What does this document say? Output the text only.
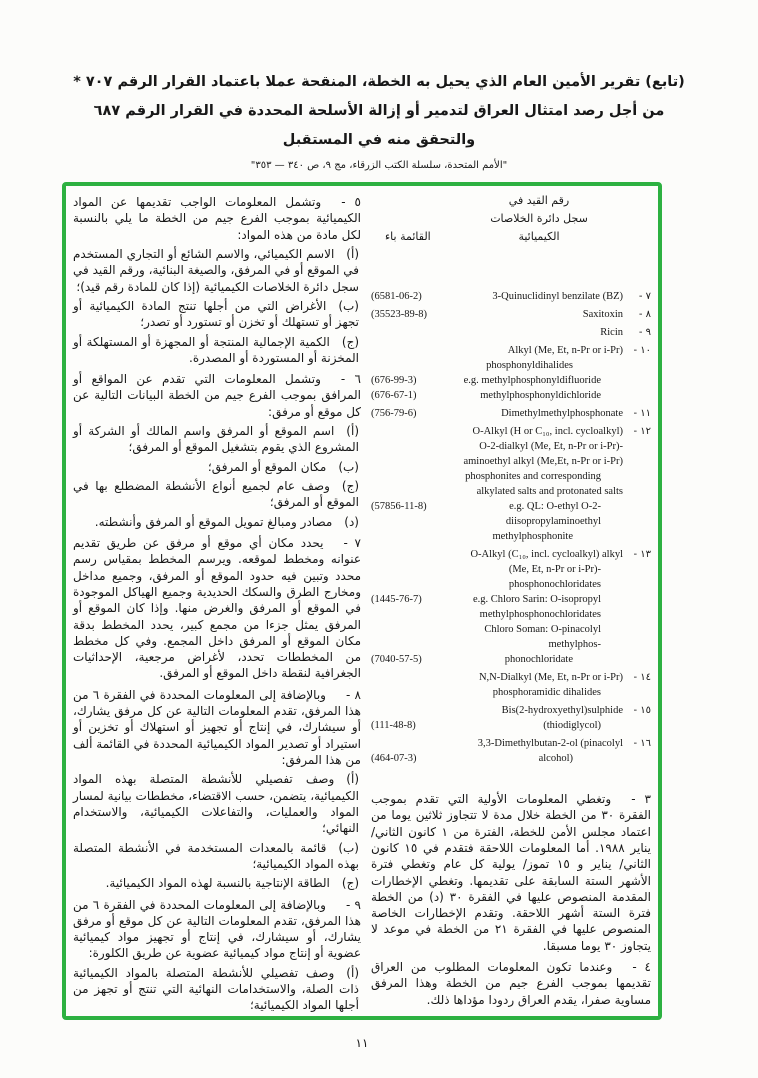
(تابع) تقرير الأمين العام الذي يحيل به الخطة، المنقحة عملا باعتماد القرار الرقم ٧٠٧ *
من أجل رصد امتثال العراق لتدمير أو إزالة الأسلحة المحددة في القرار الرقم ٦٨٧
والتحقق منه في المستقبل
"الأمم المتحدة، سلسلة الكتب الزرقاء، مج ٩، ص ٣٤٠ — ٣٥٣"
٥ -وتشمل المعلومات الواجب تقديمها عن المواد الكيميائية بموجب الفرع جيم من الخطة ما يلي بالنسبة لكل مادة من هذه المواد:
(أ)الاسم الكيميائي، والاسم الشائع أو التجاري المستخدم في الموقع أو في المرفق، والصيغة البنائية، ورقم القيد في سجل دائرة الخلاصات الكيميائية (إذا كان للمادة رقم قيد)؛
(ب)الأغراض التي من أجلها تنتج المادة الكيميائية أو تجهز أو تستهلك أو تخزن أو تستورد أو تصدر؛
(ج)الكمية الإجمالية المنتجة أو المجهزة أو المستهلكة أو المخزنة أو المستوردة أو المصدرة.
٦ -وتشمل المعلومات التي تقدم عن المواقع أو المرافق بموجب الفرع جيم من الخطة البيانات التالية عن كل موقع أو مرفق:
(أ)اسم الموقع أو المرفق واسم المالك أو الشركة أو المشروع الذي يقوم بتشغيل الموقع أو المرفق؛
(ب)مكان الموقع أو المرفق؛
(ج)وصف عام لجميع أنواع الأنشطة المضطلع بها في الموقع أو المرفق؛
(د)مصادر ومبالغ تمويل الموقع أو المرفق وأنشطته.
٧ -يحدد مكان أي موقع أو مرفق عن طريق تقديم عنوانه ومخطط لموقعه. ويرسم المخطط بمقياس رسم محدد وتبين فيه حدود الموقع أو المرفق، وجميع مداخل ومخارج الطرق والسكك الحديدية وجميع الهياكل الموجودة في الموقع أو المرفق والغرض منها. وإذا كان الموقع أو المرفق يمثل جزءا من مجمع كبير، يحدد المخطط بدقة مكان الموقع أو المرفق داخل المجمع. وفي كل مخطط من المخططات تحدد، لأغراض مرجعية، الإحداثيات الجغرافية لنقطة داخل الموقع أو المرفق.
٨ -وبالإضافة إلى المعلومات المحددة في الفقرة ٦ من هذا المرفق، تقدم المعلومات التالية عن كل مرفق يشارك، أو سيشارك، في إنتاج أو تجهيز أو استهلاك أو تخزين أو استيراد أو تصدير المواد الكيميائية المحددة في القائمة ألف من هذا المرفق:
(أ)وصف تفصيلي للأنشطة المتصلة بهذه المواد الكيميائية، يتضمن، حسب الاقتضاء، مخططات بيانية لمسار المواد والعمليات، والتفاعلات الكيميائية، والاستخدام النهائي؛
(ب)قائمة بالمعدات المستخدمة في الأنشطة المتصلة بهذه المواد الكيميائية؛
(ج)الطاقة الإنتاجية بالنسبة لهذه المواد الكيميائية.
٩ -وبالإضافة إلى المعلومات المحددة في الفقرة ٦ من هذا المرفق، تقدم المعلومات التالية عن كل موقع أو مرفق يشارك، أو سيشارك، في إنتاج أو تجهيز مواد كيميائية عضوية أو إنتاج مواد كيميائية عضوية عن طريق الكلورة:
(أ)وصف تفصيلي للأنشطة المتصلة بالمواد الكيميائية ذات الصلة، والاستخدامات النهائية التي تنتج أو تجهز من أجلها المواد الكيميائية؛
رقم القيد في
سجل دائرة الخلاصات
الكيميائية
القائمة باء
(6581-06-2)	3-Quinuclidinyl benzilate (BZ)	- ٧
(35523-89-8)	Saxitoxin	- ٨
Ricin	- ٩
Alkyl (Me, Et, n-Pr or i-Pr)	- ١٠
phosphonyldihalides
(676-99-3)	e.g. methylphosphonyldifluoride
(676-67-1)	methylphosphonyldichloride
(756-79-6)	Dimethylmethylphosphonate	- ١١
O-Alkyl (H or C₁₀, incl. cycloalkyl)	- ١٢
O-2-dialkyl (Me, Et, n-Pr or i-Pr)-
aminoethyl alkyl (Me,Et, n-Pr or i-Pr)
phosphonites and corresponding
alkylated salts and protonated salts
(57856-11-8)	e.g. QL: O-ethyl O-2-diisopropylaminoethyl
methylphosphonite
O-Alkyl (C₁₀, incl. cycloalkyl) alkyl	- ١٣
(Me, Et, n-Pr or i-Pr)-phosphonochloridates
(1445-76-7)	e.g. Chloro Sarin: O-isopropyl
methylphosphonochloridates
Chloro Soman: O-pinacolyl methylphos-
(7040-57-5)	phonochloridate
N,N-Dialkyl (Me, Et, n-Pr or i-Pr)	- ١٤
phosphoramidic dihalides
Bis(2-hydroxyethyl)sulphide	- ١٥
(111-48-8)	(thiodiglycol)
3,3-Dimethylbutan-2-ol (pinacolyl	- ١٦
(464-07-3)	alcohol)
٣ -وتغطي المعلومات الأولية التي تقدم بموجب الفقرة ٣٠ من الخطة خلال مدة لا تتجاوز ثلاثين يوما من اعتماد مجلس الأمن للخطة، الفترة من ١ كانون الثاني/ يناير ١٩٨٨. أما المعلومات اللاحقة فتقدم في ١٥ كانون الثاني/ يناير و ١٥ تموز/ يولية كل عام وتغطي فترة الأشهر الستة السابقة على تقديمها. وتغطي الإخطارات المقدمة المنصوص عليها في الفقرة ٣٠ (د) من الخطة فترة الستة أشهر اللاحقة. وتقدم الإخطارات الخاصة المنصوص عليها في الفقرة ٢١ من الخطة في موعد لا يتجاوز ٣٠ يوما مسبقا.
٤ -وعندما تكون المعلومات المطلوب من العراق تقديمها بموجب الفرع جيم من الخطة وهذا المرفق مساوية صفرا، يقدم العراق ردودا مؤداها ذلك.
١١
